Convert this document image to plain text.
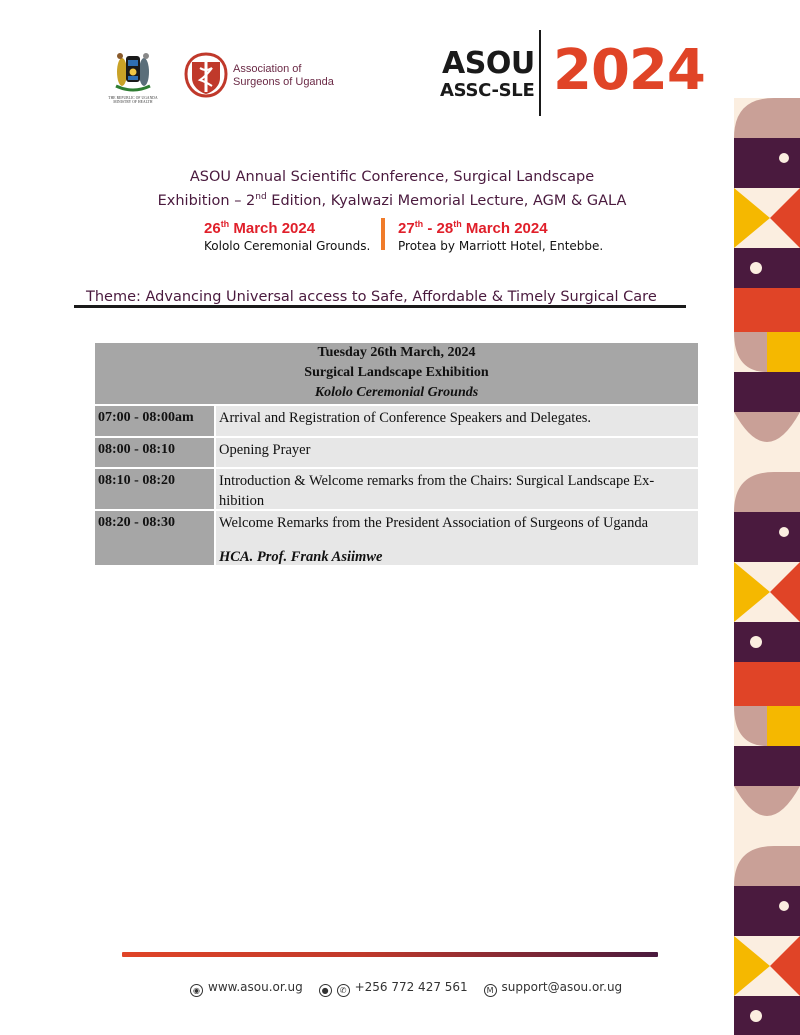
THE REPUBLIC OF UGANDA
MINISTRY OF HEALTH
Association of
Surgeons of Uganda
ASOU
ASSC-SLE 2024
ASOU Annual Scientific Conference, Surgical Landscape
Exhibition – 2nd Edition, Kyalwazi Memorial Lecture, AGM & GALA
26th March 2024
Kololo Ceremonial Grounds.
27th - 28th March 2024
Protea by Marriott Hotel, Entebbe.
Theme: Advancing Universal access to Safe, Affordable & Timely Surgical Care
Tuesday 26th March, 2024
Surgical Landscape Exhibition
Kololo Ceremonial Grounds
07:00 - 08:00am	Arrival and Registration of Conference Speakers and Delegates.
08:00 - 08:10	Opening Prayer
08:10 - 08:20	Introduction & Welcome remarks from the Chairs: Surgical Landscape Ex-hibition
08:20 - 08:30	Welcome Remarks from the President Association of Surgeons of Uganda
HCA. Prof. Frank Asiimwe
◉ www.asou.or.ug ● ✆ +256 772 427 561 M support@asou.or.ug
